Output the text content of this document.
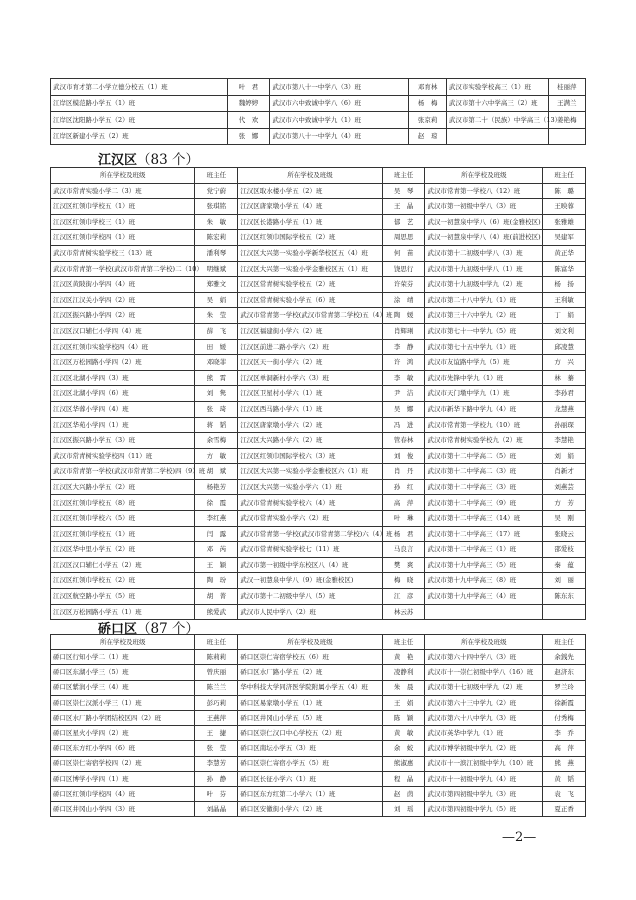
武汉市育才第二小学立德分校五（1）班	叶　君	武汉市第八十一中学八（3）班	邓育林	武汉市实验学校高三（1）班	桂丽萍
江岸区模范路小学五（1）班	魏婷婷	武汉市六中致诚中学八（6）班	杨　梅	武汉市第十六中学高三（2）班	王满兰
江岸区沈阳路小学五（2）班	代　欢	武汉市六中致诚中学九（1）班	张京莉	武汉市第二十（民族）中学高三（13）	姜艳梅
江岸区新建小学五（2）班	张　娜	武汉市第八十一中学九（4）班	赵　琼		
江汉区（83 个）
所在学校及班级	班主任	所在学校及班级	班主任	所在学校及班级	班主任
武汉市常青实验小学二（3）班	党宁蔚	江汉区取水楼小学五（2）班	吴　琴	武汉市常青第一学校八（12）班	陈　璐
江汉区红领巾学校五（1）班	张琪铭	江汉区唐家墩小学五（4）班	王　晶	武汉市第一初级中学八（3）班	王映蓉
江汉区红领巾学校三（1）班	朱　敏	江汉区长港路小学五（1）班	郁　艺	武汉一初慧泉中学八（6）班(金雅校区)	张雅雄
江汉区红领巾学校四（1）班	陈宏莉	江汉区红领巾国际学校五（2）班	周思思	武汉一初慧泉中学八（4）班(前进校区)	吴建军
武汉市常青树实验学校三（13）班	潘利琴	江汉区大兴第一实验小学新华校区五（4）班	何　苗	武汉市第十二初级中学八（3）班	黄正华
武汉市常青第一学校(武汉市常青第二学校)二（10）	明继斌	江汉区大兴第一实验小学金雅校区五（1）班	饶思行	武汉市第十九初级中学八（1）班	陈富华
江汉区黄陂街小学四（4）班	郑雅文	江汉区常青树实验学校五（2）班	许荣芬	武汉市第十九初级中学九（2）班	杨　扬
江汉区江汉关小学四（2）班	吴　娟	江汉区常青树实验小学五（6）班	涂　靖	武汉市第二十八中学九（1）班	王利敏
江汉区振兴路小学四（2）班	朱　莹	武汉市常青第一学校(武汉市常青第二学校)五（4）班	陶　媛	武汉市第三十六中学九（2）班	丁　娟
江汉区汉口辅仁小学四（4）班	薛　飞	江汉区福建街小学六（2）班	肖辉琍	武汉市第七十一中学九（5）班	刘文利
江汉区红领巾实验学校四（4）班	田　媛	江汉区前进二路小学六（2）班	李　静	武汉市第七十五中学九（1）班	邱凌慧
江汉区万松园路小学四（2）班	邓晓菲	江汉区天一街小学六（2）班	许　鸿	武汉市友谊路中学九（5）班	方　兴
江汉区北湖小学四（3）班	熊　霄	江汉区单洞新村小学六（3）班	李　敏	武汉市先锋中学九（1）班	林　蓁
江汉区北湖小学四（6）班	刘　隽	江汉区卫星村小学六（1）班	尹　洁	武汉市天门墩中学九（1）班	李孙君
江汉区华蓉小学四（4）班	张　琦	江汉区西马路小学六（1）班	吴　娜	武汉市新华下路中学九（4）班	龙慧燕
江汉区华苑小学四（1）班	蒋　韬	江汉区唐家墩小学六（2）班	冯　进	武汉市常青第一学校九（10）班	孙丽琛
江汉区振兴路小学五（3）班	余雪梅	江汉区大兴路小学六（2）班	管春林	武汉市常青树实验学校九（2）班	李慧艳
武汉市常青树实验学校四（11）班	方　敏	江汉区红领巾国际学校六（3）班	刘　俊	武汉市第十二中学高二（5）班	刘　娟
武汉市常青第一学校(武汉市常青第二学校)四（9）班	胡　斌	江汉区大兴第一实验小学金雅校区六（1）班	肖　丹	武汉市第十二中学高二（3）班	肖新才
江汉区大兴路小学五（2）班	杨艳芳	江汉区大兴第一实验小学六（1）班	孙　红	武汉市第十二中学高三（3）班	刘燕芸
江汉区红领巾学校五（8）班	徐　霞	武汉市常青树实验学校六（4）班	高　萍	武汉市第十二中学高三（9）班	方　芳
江汉区红领巾学校六（5）班	李红燕	武汉市常青实验小学六（2）班	叶　琳	武汉市第十二中学高三（14）班	吴　刚
江汉区红领巾学校五（1）班	闫　露	武汉市常青第一学校(武汉市常青第二学校)六（4）班	杨　君	武汉市第十二中学高三（17）班	张晓云
江汉区华中里小学五（2）班	邓　芮	武汉市常青树实验学校七（11）班	马良言	武汉市第十二中学高三（1）班	邵爱枝
江汉区汉口辅仁小学五（2）班	王　颖	武汉市第一初级中学东校区八（4）班	樊　爽	武汉市第十九中学高三（5）班	秦　蕴
江汉区红领巾学校五（2）班	陶　玢	武汉一初慧泉中学八（9）班(金雅校区)	梅　晓	武汉市第十九中学高三（8）班	刘　丽
江汉区航空路小学五（5）班	胡　菁	武汉市第十二初级中学八（5）班	江　彦	武汉市第十九中学高三（4）班	陈东东
江汉区万松园路小学五（1）班	熊爱武	武汉市人民中学八（2）班	林云苏		
硚口区（87 个）
所在学校及班级	班主任	所在学校及班级	班主任	所在学校及班级	班主任
硚口区行知小学二（1）班	陈莉莉	硚口区崇仁寄宿学校五（6）班	黄　艳	武汉市第六十四中学八（3）班	余銭先
硚口区东湖小学三（5）班	曾庆丽	硚口区水厂路小学五（2）班	凌静利	武汉市十一崇仁初级中学八（16）班	赵济东
硚口区紫润小学三（4）班	陈兰兰	华中科技大学同济医学院附属小学五（4）班	朱　晨	武汉市第十七初级中学九（2）班	罗兰玲
硚口区崇仁汉派小学三（1）班	彭巧莉	硚口区易家墩小学五（1）班	王　娟	武汉市第六十三中学九（2）班	徐新霞
硚口区水厂路小学团结校区四（2）班	王燕萍	硚口区井冈山小学五（5）班	陈　颖	武汉市第六十八中学九（3）班	付秀梅
硚口区星火小学四（2）班	王　捷	硚口区崇仁汉口中心学校五（2）班	黄　敏	武汉市英华中学九（1）班	李　乔
硚口区东方红小学四（6）班	张　莹	硚口区南坛小学五（3）班	余　蛟	武汉市博学初级中学九（2）班	高　萍
硚口区崇仁寄宿学校四（2）班	李慧芳	硚口区崇仁寄宿小学五（5）班	熊淑惠	武汉市十一滨江初级中学九（10）班	熊　燕
硚口区博学小学四（1）班	孙　静	硚口区长征小学六（1）班	程　晶	武汉市十一初级中学九（4）班	黄　韬
硚口区红领巾学校四（4）班	叶　芬	硚口区东方红第二小学六（1）班	赵　茵	武汉市第四初级中学九（3）班	袁　飞
硚口区井冈山小学四（3）班	刘晶晶	硚口区安徽街小学六（2）班	刘　瑶	武汉市第四初级中学九（5）班	夏正香
—2—
